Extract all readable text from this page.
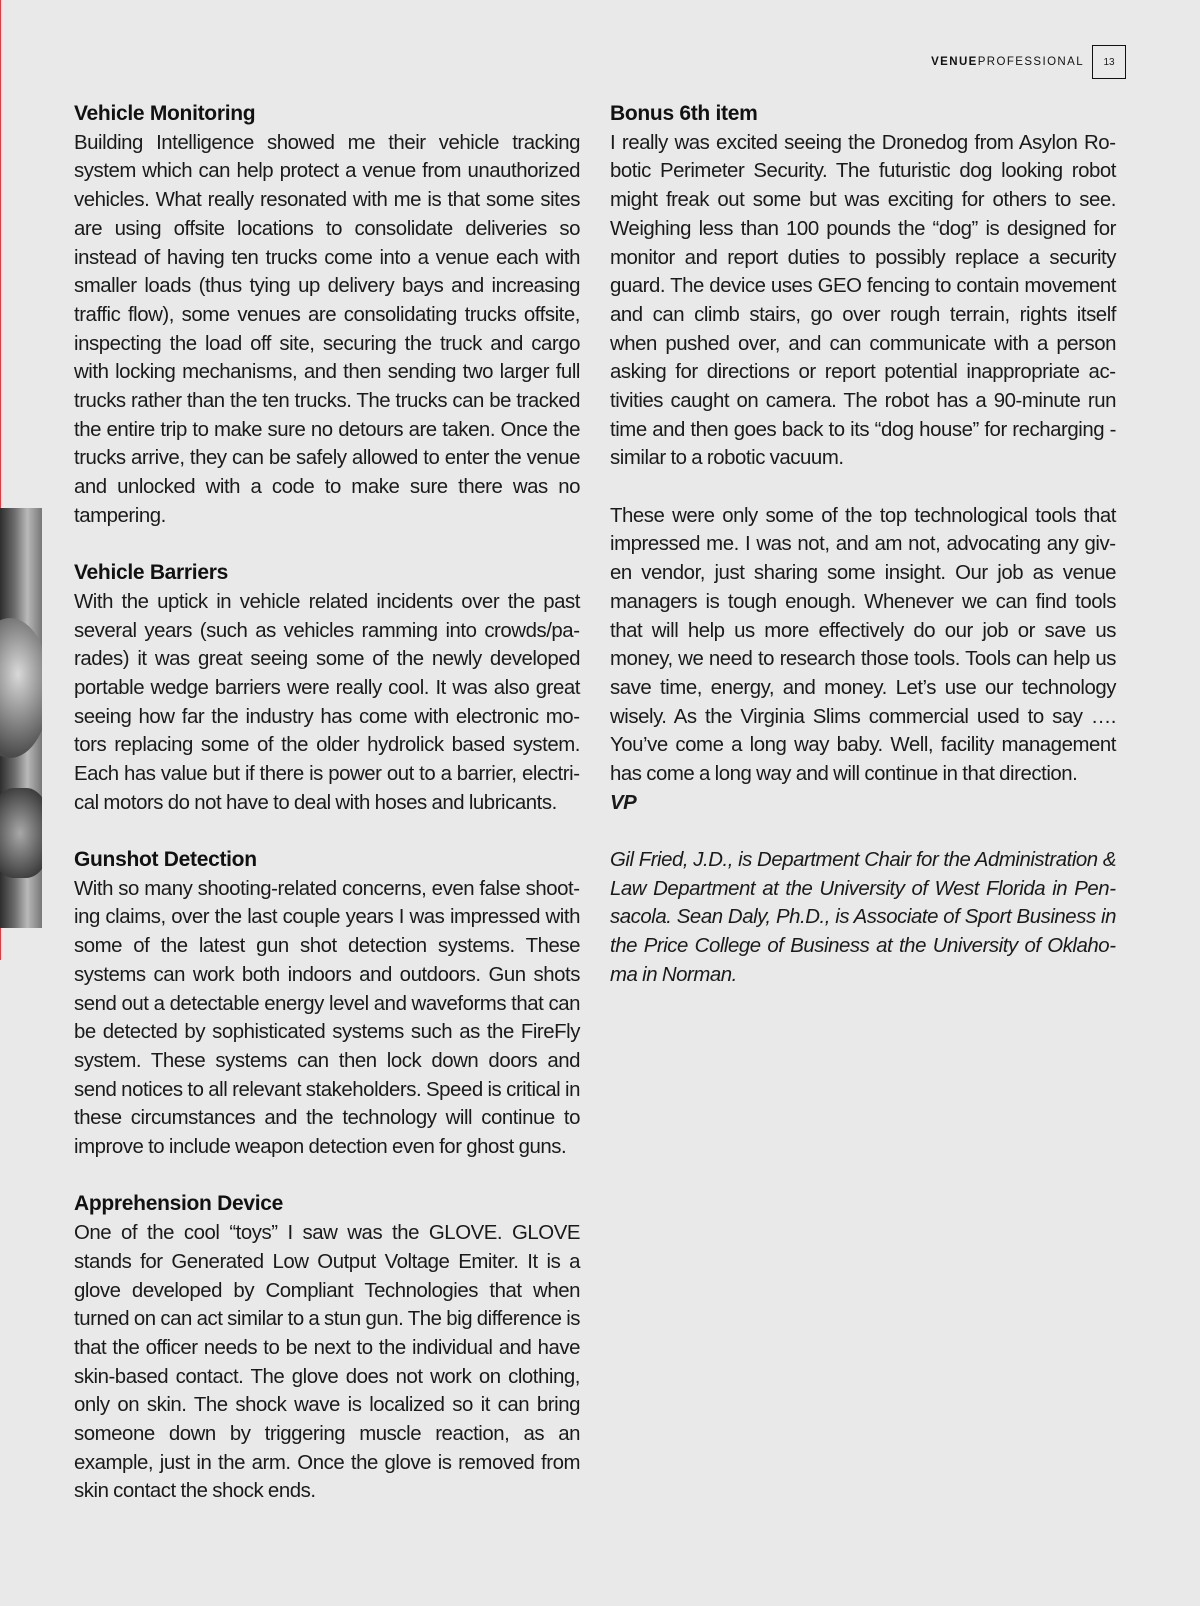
VENUEPROFESSIONAL	13
Vehicle Monitoring

Building Intelligence showed me their vehicle tracking system which can help protect a venue from unauthorized vehicles. What really resonated with me is that some sites are using offsite locations to consolidate deliveries so instead of having ten trucks come into a venue each with smaller loads (thus tying up delivery bays and increasing traffic flow), some venues are consolidating trucks offsite, inspecting the load off site, securing the truck and cargo with locking mechanisms, and then sending two larger full trucks rather than the ten trucks. The trucks can be tracked the entire trip to make sure no detours are taken. Once the trucks arrive, they can be safely allowed to enter the venue and unlocked with a code to make sure there was no tampering.

Vehicle Barriers

With the uptick in vehicle related incidents over the past several years (such as vehicles ramming into crowds/parades) it was great seeing some of the newly developed portable wedge barriers were really cool. It was also great seeing how far the industry has come with electronic motors replacing some of the older hydrolick based system. Each has value but if there is power out to a barrier, electrical motors do not have to deal with hoses and lubricants.

Gunshot Detection

With so many shooting-related concerns, even false shooting claims, over the last couple years I was impressed with some of the latest gun shot detection systems. These systems can work both indoors and outdoors. Gun shots send out a detectable energy level and waveforms that can be detected by sophisticated systems such as the FireFly system. These systems can then lock down doors and send notices to all relevant stakeholders. Speed is critical in these circumstances and the technology will continue to improve to include weapon detection even for ghost guns.

Apprehension Device

One of the cool “toys” I saw was the GLOVE. GLOVE stands for Generated Low Output Voltage Emiter. It is a glove developed by Compliant Technologies that when turned on can act similar to a stun gun. The big difference is that the officer needs to be next to the individual and have skin-based contact. The glove does not work on clothing, only on skin. The shock wave is localized so it can bring someone down by triggering muscle reaction, as an example, just in the arm. Once the glove is removed from skin contact the shock ends.

Bonus 6th item

I really was excited seeing the Dronedog from Asylon Robotic Perimeter Security. The futuristic dog looking robot might freak out some but was exciting for others to see. Weighing less than 100 pounds the “dog” is designed for monitor and report duties to possibly replace a security guard. The device uses GEO fencing to contain movement and can climb stairs, go over rough terrain, rights itself when pushed over, and can communicate with a person asking for directions or report potential inappropriate activities caught on camera. The robot has a 90-minute run time and then goes back to its “dog house” for recharging - similar to a robotic vacuum.

These were only some of the top technological tools that impressed me. I was not, and am not, advocating any given vendor, just sharing some insight. Our job as venue managers is tough enough. Whenever we can find tools that will help us more effectively do our job or save us money, we need to research those tools. Tools can help us save time, energy, and money. Let’s use our technology wisely. As the Virginia Slims commercial used to say …. You’ve come a long way baby. Well, facility management has come a long way and will continue in that direction.

VP

Gil Fried, J.D., is Department Chair for the Administration & Law Department at the University of West Florida in Pensacola. Sean Daly, Ph.D., is Associate of Sport Business in the Price College of Business at the University of Oklahoma in Norman.
